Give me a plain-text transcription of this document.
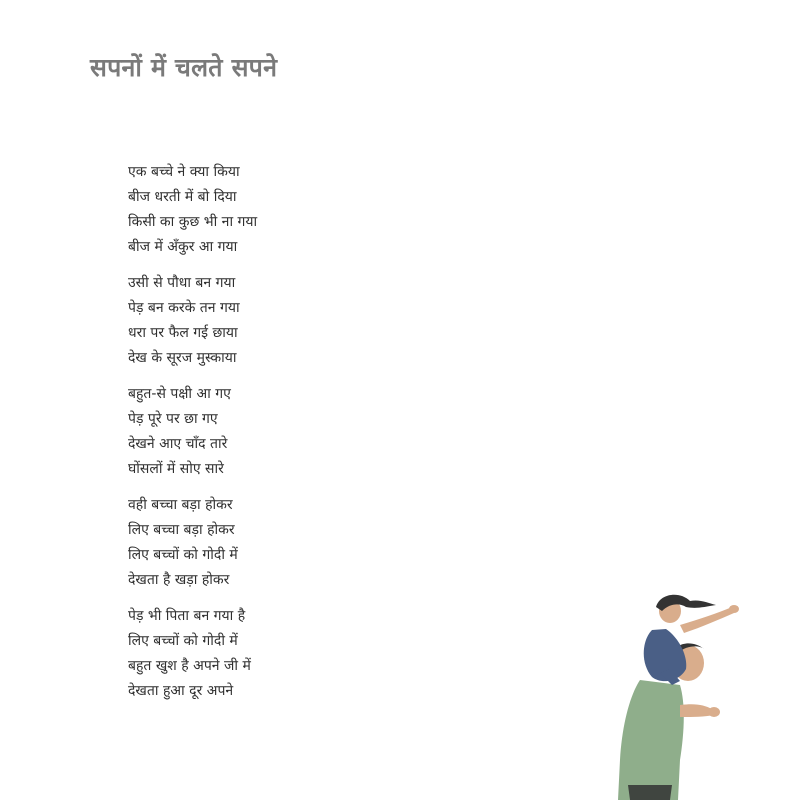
सपनों में चलते सपने
एक बच्चे ने क्या किया
बीज धरती में बो दिया
किसी का कुछ भी ना गया
बीज में अँकुर आ गया
उसी से पौधा बन गया
पेड़ बन करके तन गया
धरा पर फैल गई छाया
देख के सूरज मुस्काया
बहुत-से पक्षी आ गए
पेड़ पूरे पर छा गए
देखने आए चाँद तारे
घोंसलों में सोए सारे
वही बच्चा बड़ा होकर
लिए बच्चा बड़ा होकर
लिए बच्चों को गोदी में
देखता है खड़ा होकर
पेड़ भी पिता बन गया है
लिए बच्चों को गोदी में
बहुत खुश है अपने जी में
देखता हुआ दूर अपने
